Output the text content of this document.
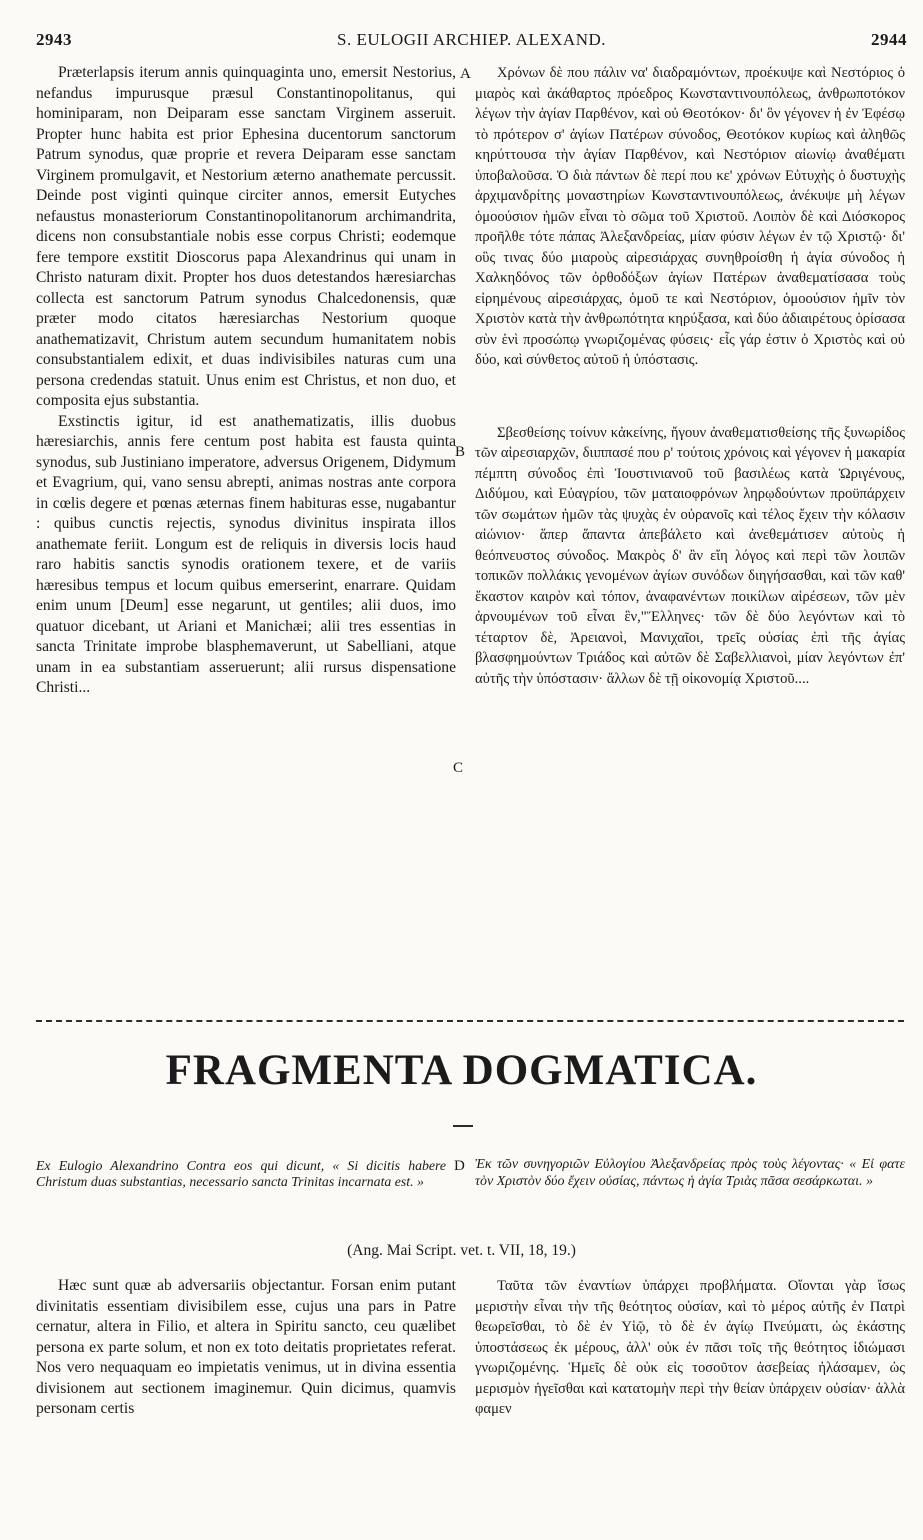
2943	S. EULOGII ARCHIEP. ALEXAND.	2944

Præterlapsis iterum annis quinquaginta uno, emersit Nestorius, nefandus impurusque præsul Constantinopolitanus, qui hominiparam, non Deiparam esse sanctam Virginem asseruit. Propter hunc habita est prior Ephesina ducentorum sanctorum Patrum synodus, quæ proprie et revera Deiparam esse sanctam Virginem promulgavit, et Nestorium æterno anathemate percussit. Deinde post viginti quinque circiter annos, emersit Eutyches nefaustus monasteriorum Constantinopolitanorum archimandrita, dicens non consubstantiale nobis esse corpus Christi; eodemque fere tempore exstitit Dioscorus papa Alexandrinus qui unam in Christo naturam dixit. Propter hos duos detestandos hæresiarchas collecta est sanctorum Patrum synodus Chalcedonensis, quæ præter modo citatos hæresiarchas Nestorium quoque anathematizavit, Christum autem secundum humanitatem nobis consubstantialem edixit, et duas indivisibiles naturas cum una persona credendas statuit. Unus enim est Christus, et non duo, et composita ejus substantia.

Exstinctis igitur, id est anathematizatis, illis duobus hæresiarchis, annis fere centum post habita est fausta quinta synodus, sub Justiniano imperatore, adversus Origenem, Didymum et Evagrium, qui, vano sensu abrepti, animas nostras ante corpora in cœlis degere et pœnas æternas finem habituras esse, nugabantur : quibus cunctis rejectis, synodus divinitus inspirata illos anathemate feriit. Longum est de reliquis in diversis locis haud raro habitis sanctis synodis orationem texere, et de variis hæresibus tempus et locum quibus emerserint, enarrare. Quidam enim unum [Deum] esse negarunt, ut gentiles; alii duos, imo quatuor dicebant, ut Ariani et Manichæi; alii tres essentias in sancta Trinitate improbe blasphemaverunt, ut Sabelliani, atque unam in ea substantiam asseruerunt; alii rursus dispensatione Christi...

Χρόνων δὲ που πάλιν να' διαδραμόντων, προέκυψε καὶ Νεστόριος ὁ μιαρὸς καὶ ἀκάθαρτος πρόεδρος Κωνσταντινουπόλεως, ἀνθρωποτόκον λέγων τὴν ἁγίαν Παρθένον, καὶ οὐ Θεοτόκον· δι' ὃν γέγονεν ἡ ἐν Ἐφέσῳ τὸ πρότερον σ' ἁγίων Πατέρων σύνοδος, Θεοτόκον κυρίως καὶ ἀληθῶς κηρύττουσα τὴν ἁγίαν Παρθένον, καὶ Νεστόριον αἰωνίῳ ἀναθέματι ὑποβαλοῦσα. Ὁ διὰ πάντων δὲ περί που κε' χρόνων Εὐτυχὴς ὁ δυστυχὴς ἀρχιμανδρίτης μοναστηρίων Κωνσταντινουπόλεως, ἀνέκυψε μὴ λέγων ὁμοούσιον ἡμῶν εἶναι τὸ σῶμα τοῦ Χριστοῦ. Λοιπὸν δὲ καὶ Διόσκορος προῆλθε τότε πάπας Ἀλεξανδρείας, μίαν φύσιν λέγων ἐν τῷ Χριστῷ· δι' οὓς τινας δύο μιαροὺς αἱρεσιάρχας συνηθροίσθη ἡ ἁγία σύνοδος ἡ Χαλκηδόνος τῶν ὀρθοδόξων ἁγίων Πατέρων ἀναθεματίσασα τοὺς εἰρημένους αἱρεσιάρχας, ὁμοῦ τε καὶ Νεστόριον, ὁμοούσιον ἡμῖν τὸν Χριστὸν κατὰ τὴν ἀνθρωπότητα κηρύξασα, καὶ δύο ἀδιαιρέτους ὁρίσασα σὺν ἑνὶ προσώπῳ γνωριζομένας φύσεις· εἷς γάρ ἐστιν ὁ Χριστὸς καὶ οὐ δύο, καὶ σύνθετος αὐτοῦ ἡ ὑπόστασις.

Σβεσθείσης τοίνυν κἀκείνης, ἤγουν ἀναθεματισθείσης τῆς ξυνωρίδος τῶν αἱρεσιαρχῶν, διιππασέ που ρ' τούτοις χρόνοις καὶ γέγονεν ἡ μακαρία πέμπτη σύνοδος ἐπὶ Ἰουστινιανοῦ τοῦ βασιλέως κατὰ Ὠριγένους, Διδύμου, καὶ Εὐαγρίου, τῶν ματαιοφρόνων ληρῳδούντων προϋπάρχειν τῶν σωμάτων ἡμῶν τὰς ψυχὰς ἐν οὐρανοῖς καὶ τέλος ἔχειν τὴν κόλασιν αἰώνιον· ἅπερ ἅπαντα ἀπεβάλετο καὶ ἀνεθεμάτισεν αὐτοὺς ἡ θεόπνευστος σύνοδος. Μακρὸς δ' ἂν εἴη λόγος καὶ περὶ τῶν λοιπῶν τοπικῶν πολλάκις γενομένων ἁγίων συνόδων διηγήσασθαι, καὶ τῶν καθ' ἕκαστον καιρὸν καὶ τόπον, ἀναφανέντων ποικίλων αἱρέσεων, τῶν μὲν ἀρνουμένων τοῦ εἶναι ἓν,"Ἕλληνες· τῶν δὲ δύο λεγόντων καὶ τὸ τέταρτον δὲ, Ἀρειανοὶ, Μανιχαῖοι, τρεῖς οὐσίας ἐπὶ τῆς ἁγίας βλασφημούντων Τριάδος καὶ αὐτῶν δὲ Σαβελλιανοὶ, μίαν λεγόντων ἐπ' αὐτῆς τὴν ὑπόστασιν· ἄλλων δὲ τῇ οἰκονομίᾳ Χριστοῦ....

A
B
C
D
FRAGMENTA DOGMATICA.
Ex Eulogio Alexandrino Contra eos qui dicunt, « Si dicitis habere Christum duas substantias, necessario sancta Trinitas incarnata est. »
Ἐκ τῶν συνηγοριῶν Εὐλογίου Ἀλεξανδρείας πρὸς τοὺς λέγοντας· « Εἰ φατε τὸν Χριστὸν δύο ἔχειν οὐσίας, πάντως ἡ ἁγία Τριὰς πᾶσα σεσάρκωται. »
(Ang. Mai Script. vet. t. VII, 18, 19.)

Hæc sunt quæ ab adversariis objectantur. Forsan enim putant divinitatis essentiam divisibilem esse, cujus una pars in Patre cernatur, altera in Filio, et altera in Spiritu sancto, ceu quælibet persona ex parte solum, et non ex toto deitatis proprietates referat. Nos vero nequaquam eo impietatis venimus, ut in divina essentia divisionem aut sectionem imaginemur. Quin dicimus, quamvis personam certis

Ταῦτα τῶν ἐναντίων ὑπάρχει προβλήματα. Οἴονται γὰρ ἴσως μεριστὴν εἶναι τὴν τῆς θεότητος οὐσίαν, καὶ τὸ μέρος αὐτῆς ἐν Πατρὶ θεωρεῖσθαι, τὸ δὲ ἐν Υἱῷ, τὸ δὲ ἐν ἁγίῳ Πνεύματι, ὡς ἑκάστης ὑποστάσεως ἐκ μέρους, ἀλλ' οὐκ ἐν πᾶσι τοῖς τῆς θεότητος ἰδιώμασι γνωριζομένης. Ἡμεῖς δὲ οὐκ εἰς τοσοῦτον ἀσεβείας ἠλάσαμεν, ὡς μερισμὸν ἡγεῖσθαι καὶ κατατομὴν περὶ τὴν θείαν ὑπάρχειν οὐσίαν· ἀλλὰ φαμεν
